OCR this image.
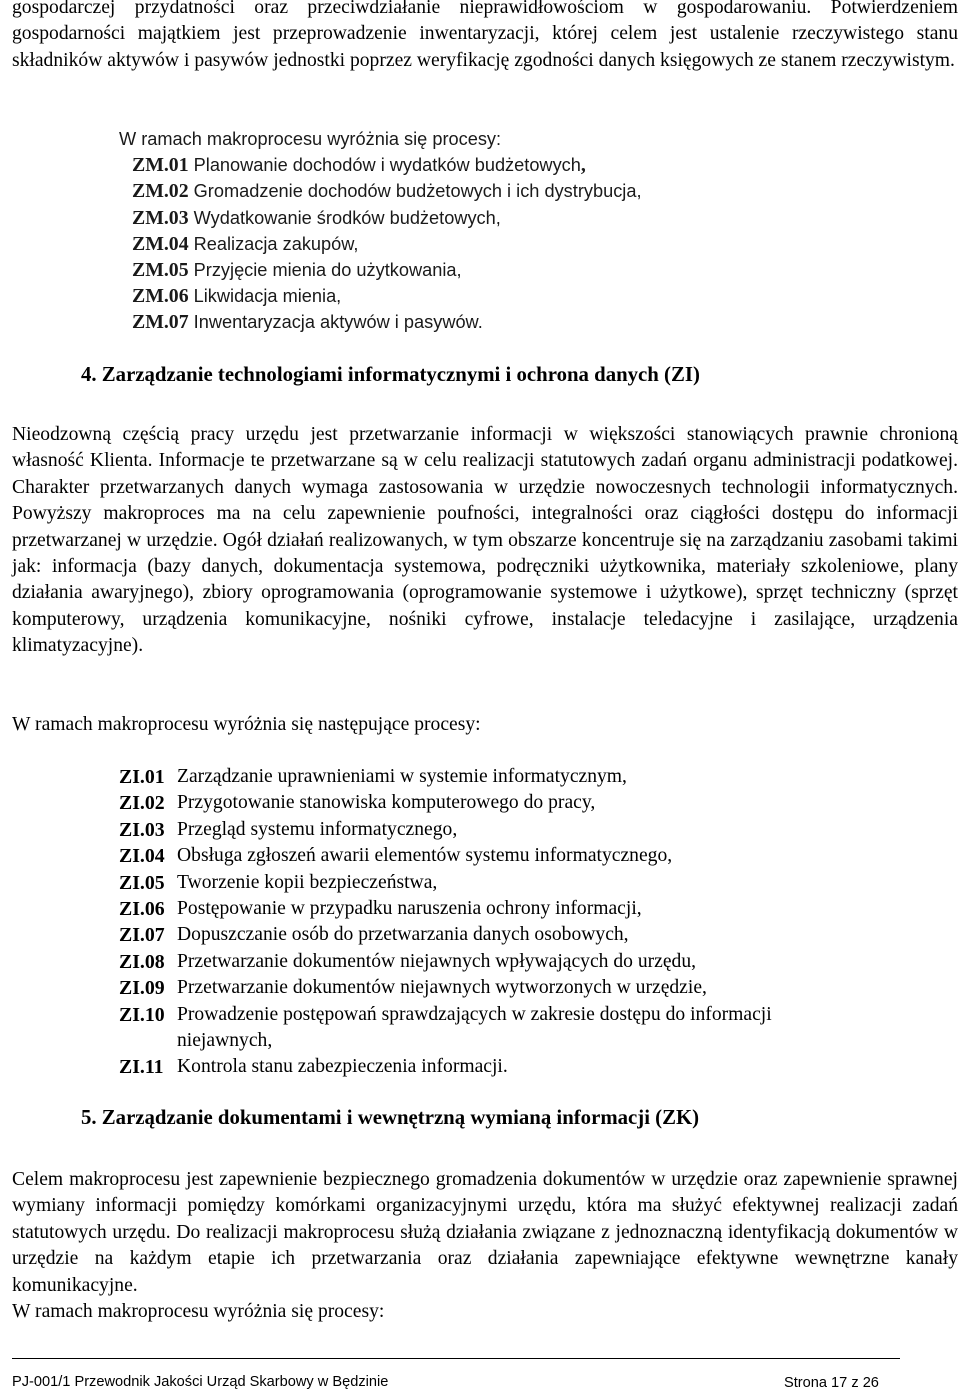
gospodarczej przydatności oraz przeciwdziałanie nieprawidłowościom w gospodarowaniu. Potwierdzeniem gospodarności majątkiem jest przeprowadzenie inwentaryzacji, której celem jest ustalenie rzeczywistego stanu składników aktywów i pasywów jednostki poprzez weryfikację zgodności danych księgowych ze stanem rzeczywistym.

W ramach makroprocesu wyróżnia się procesy:
ZM.01 Planowanie dochodów i wydatków budżetowych,
ZM.02 Gromadzenie dochodów budżetowych i ich dystrybucja,
ZM.03 Wydatkowanie środków budżetowych,
ZM.04 Realizacja zakupów,
ZM.05 Przyjęcie mienia do użytkowania,
ZM.06 Likwidacja mienia,
ZM.07 Inwentaryzacja aktywów i pasywów.

4. Zarządzanie technologiami informatycznymi i ochrona danych (ZI)

Nieodzowną częścią pracy urzędu jest przetwarzanie informacji w większości stanowiących prawnie chronioną własność Klienta. Informacje te przetwarzane są w celu realizacji statutowych zadań organu administracji podatkowej. Charakter przetwarzanych danych wymaga zastosowania w urzędzie nowoczesnych technologii informatycznych. Powyższy makroproces ma na celu zapewnienie poufności, integralności oraz ciągłości dostępu do informacji przetwarzanej w urzędzie. Ogół działań realizowanych, w tym obszarze koncentruje się na zarządzaniu zasobami takimi jak: informacja (bazy danych, dokumentacja systemowa, podręczniki użytkownika, materiały szkoleniowe, plany działania awaryjnego), zbiory oprogramowania (oprogramowanie systemowe i użytkowe), sprzęt techniczny (sprzęt komputerowy, urządzenia komunikacyjne, nośniki cyfrowe, instalacje teledacyjne i zasilające, urządzenia klimatyzacyjne).

W ramach makroprocesu wyróżnia się następujące procesy:

ZI.01 Zarządzanie uprawnieniami w systemie informatycznym,
ZI.02 Przygotowanie stanowiska komputerowego do pracy,
ZI.03 Przegląd systemu informatycznego,
ZI.04 Obsługa zgłoszeń awarii elementów systemu informatycznego,
ZI.05 Tworzenie kopii bezpieczeństwa,
ZI.06 Postępowanie w przypadku naruszenia ochrony informacji,
ZI.07 Dopuszczanie osób do przetwarzania danych osobowych,
ZI.08 Przetwarzanie dokumentów niejawnych wpływających do urzędu,
ZI.09 Przetwarzanie dokumentów niejawnych wytworzonych w urzędzie,
ZI.10 Prowadzenie postępowań sprawdzających w zakresie dostępu do informacji niejawnych,
ZI.11 Kontrola stanu zabezpieczenia informacji.

5. Zarządzanie dokumentami i wewnętrzną wymianą informacji (ZK)

Celem makroprocesu jest zapewnienie bezpiecznego gromadzenia dokumentów w urzędzie oraz zapewnienie sprawnej wymiany informacji pomiędzy komórkami organizacyjnymi urzędu, która ma służyć efektywnej realizacji zadań statutowych urzędu. Do realizacji makroprocesu służą działania związane z jednoznaczną identyfikacją dokumentów w urzędzie na każdym etapie ich przetwarzania oraz działania zapewniające efektywne wewnętrzne kanały komunikacyjne.

W ramach makroprocesu wyróżnia się procesy:

PJ-001/1 Przewodnik Jakości Urząd Skarbowy w Będzinie	Strona 17 z 26
